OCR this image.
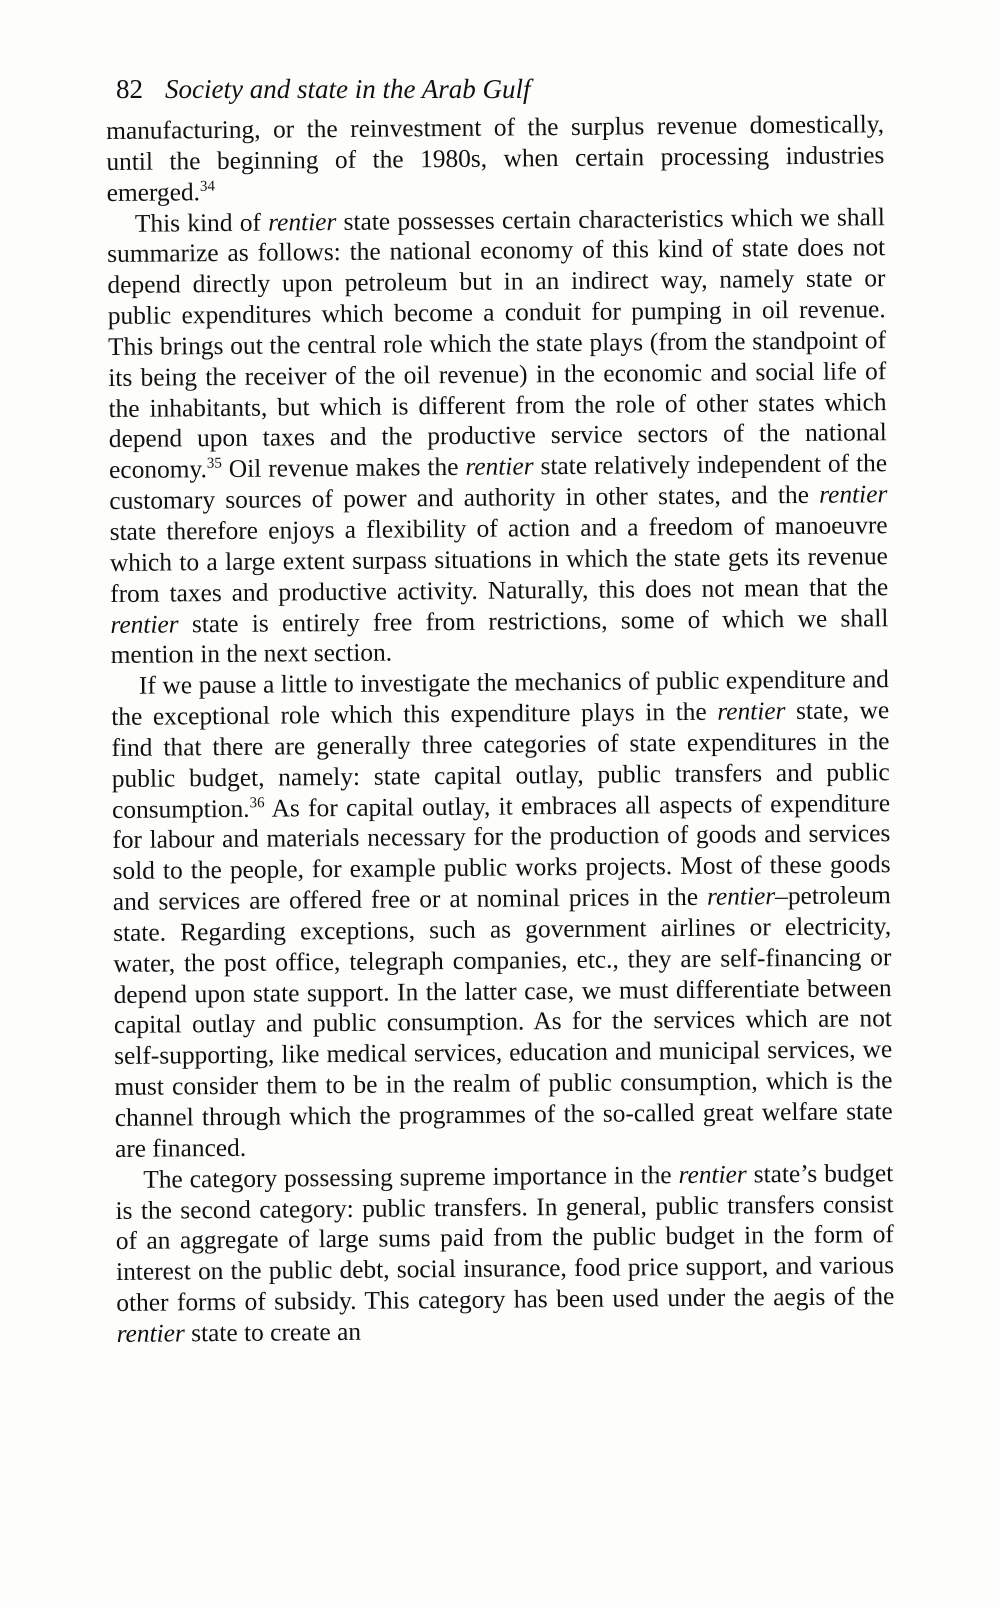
82 Society and state in the Arab Gulf

manufacturing, or the reinvestment of the surplus revenue domestically, until the beginning of the 1980s, when certain processing industries emerged.$^{34}$

This kind of rentier state possesses certain characteristics which we shall summarize as follows: the national economy of this kind of state does not depend directly upon petroleum but in an indirect way, namely state or public expenditures which become a conduit for pumping in oil revenue. This brings out the central role which the state plays (from the standpoint of its being the receiver of the oil revenue) in the economic and social life of the inhabitants, but which is different from the role of other states which depend upon taxes and the productive service sectors of the national economy.$^{35}$ Oil revenue makes the rentier state relatively independent of the customary sources of power and authority in other states, and the rentier state therefore enjoys a flexibility of action and a freedom of manoeuvre which to a large extent surpass situations in which the state gets its revenue from taxes and productive activity. Naturally, this does not mean that the rentier state is entirely free from restrictions, some of which we shall mention in the next section.

If we pause a little to investigate the mechanics of public expenditure and the exceptional role which this expenditure plays in the rentier state, we find that there are generally three categories of state expenditures in the public budget, namely: state capital outlay, public transfers and public consumption.$^{36}$ As for capital outlay, it embraces all aspects of expenditure for labour and materials necessary for the production of goods and services sold to the people, for example public works projects. Most of these goods and services are offered free or at nominal prices in the rentier–petroleum state. Regarding exceptions, such as government airlines or electricity, water, the post office, telegraph companies, etc., they are self-financing or depend upon state support. In the latter case, we must differentiate between capital outlay and public consumption. As for the services which are not self-supporting, like medical services, education and municipal services, we must consider them to be in the realm of public consumption, which is the channel through which the programmes of the so-called great welfare state are financed.

The category possessing supreme importance in the rentier state’s budget is the second category: public transfers. In general, public transfers consist of an aggregate of large sums paid from the public budget in the form of interest on the public debt, social insurance, food price support, and various other forms of subsidy. This category has been used under the aegis of the rentier state to create an
